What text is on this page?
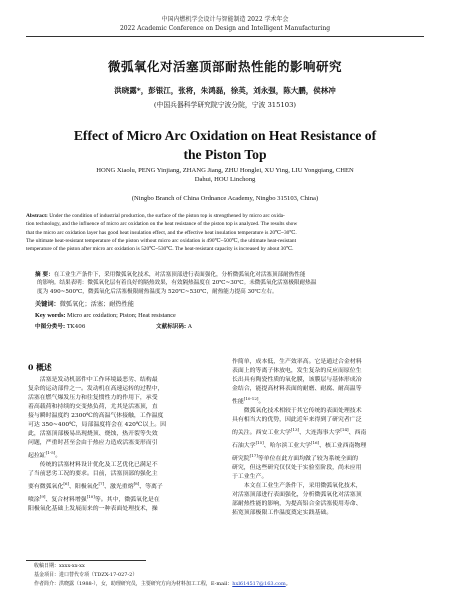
中国内燃机学会设计与智能制造 2022 学术年会
2022 Academic Conference on Design and Intelligent Manufacturing
微弧氧化对活塞顶部耐热性能的影响研究
洪晓露*，彭银江，张将，朱鸿磊，徐英，刘永强，陈大鹏，侯林冲
(中国兵器科学研究院宁波分院，宁波 315103)
Effect of Micro Arc Oxidation on Heat Resistance of
the Piston Top
HONG Xiaolu, PENG Yinjiang, ZHANG Jiang, ZHU Honglei, XU Ying, LIU Yongqiang, CHEN
Dahui, HOU Linchong
(Ningbo Branch of China Ordnance Academy, Ningbo 315103, China)
Abstract: Under the condition of industrial production, the surface of the piston top is strengthened by micro arc oxida-
tion technology, and the influence of micro arc oxidation on the heat resistance of the piston top is analyzed. The results show
that the micro arc oxidation layer has good heat insulation effect, and the effective heat insulation temperature is 20℃~30℃.
The ultimate heat-resistant temperature of the piston without micro arc oxidation is 490℃~500℃, the ultimate heat-resistant
temperature of the piston after micro arc oxidation is 520℃~530℃. The heat-resistant capacity is increased by about 30℃.
摘 要：在工业生产条件下，采用微弧氧化技术，对活塞顶部进行表面强化，分析微弧氧化对活塞顶部耐热性能
的影响。结果表明：微弧氧化层有着良好的隔热效果，有效隔热温度在 20℃~30℃。未微弧氧化活塞极限耐热温
度为 490~500℃，微弧氧化后活塞极限耐热温度为 520℃~530℃，耐热能力提高 30℃左右。
关键词：微弧氧化；活塞；耐热性能
Key words: Micro arc oxidation; Piston; Heat resistance
中图分类号: TK406	文献标识码: A
0 概述
　　活塞是发动机部件中工作环境最恶劣、结构最
复杂的运动部件之一。发动机在高速运转的过程中，
活塞在燃气爆发压力和往复惯性力的作用下，承受
着高载荷和持续的交变热负荷，尤其是活塞顶，直
接与瞬时温度约 2300℃的高温气体接触，工作温度
可达 350~400℃，局部温度将会在 420℃以上。因
此，活塞顶部极易出现烧顶、烧蚀，热开裂等失效
问题，严重时甚至会由于热应力造成活塞变形而引
起拉缸[1-5]。
　　传统的活塞材料设计优化及工艺优化已满足不
了当前恶劣工况的要求。目前，活塞顶部的强化主
要有微弧氧化[6]、阳极氧化[7]、激光重熔[8]、等离子
喷涂[9]、复合材料增强[10]等。其中，微弧氧化是在
阳极氧化基础上发展而来的一种表面处理技术，操
作简单，成本低，生产效率高。它是通过合金材料
表面上的等离子体放电，发生复杂的反应而原位生
长出具有陶瓷性质的氧化膜，该膜层与基体形成冶
金结合，能提高材料表面的耐磨、耐腐、耐高温等
性能[10-12]。
　　微弧氧化技术相较于其它传统的表面处理技术
具有相当大的优势，因此近年来得到了研究者广泛
的关注。西安工业大学[13]、大连海事大学[14]、西南
石油大学[15]、哈尔滨工业大学[16]、核工业西南物理
研究院[17]等单位在此方面均做了较为系统全面的
研究，但这些研究仅仅处于实验室阶段，尚未应用
于工业生产。
　　本文在工业生产条件下，采用微弧氧化技术，
对活塞顶部进行表面强化，分析微弧氧化对活塞顶
部耐热性能的影响，为提高铝合金活塞使用寿命、
拓宽顶部极限工作温度奠定实践基础。
收稿日期：xxxx-xx-xx
基金项目：进口替代专项（TDZX-17-027-2）
作者简介：洪晓露（1988-），女，助理研究员，主要研究方向为材料加工工程，E-mail：hxl614517@163.com。
